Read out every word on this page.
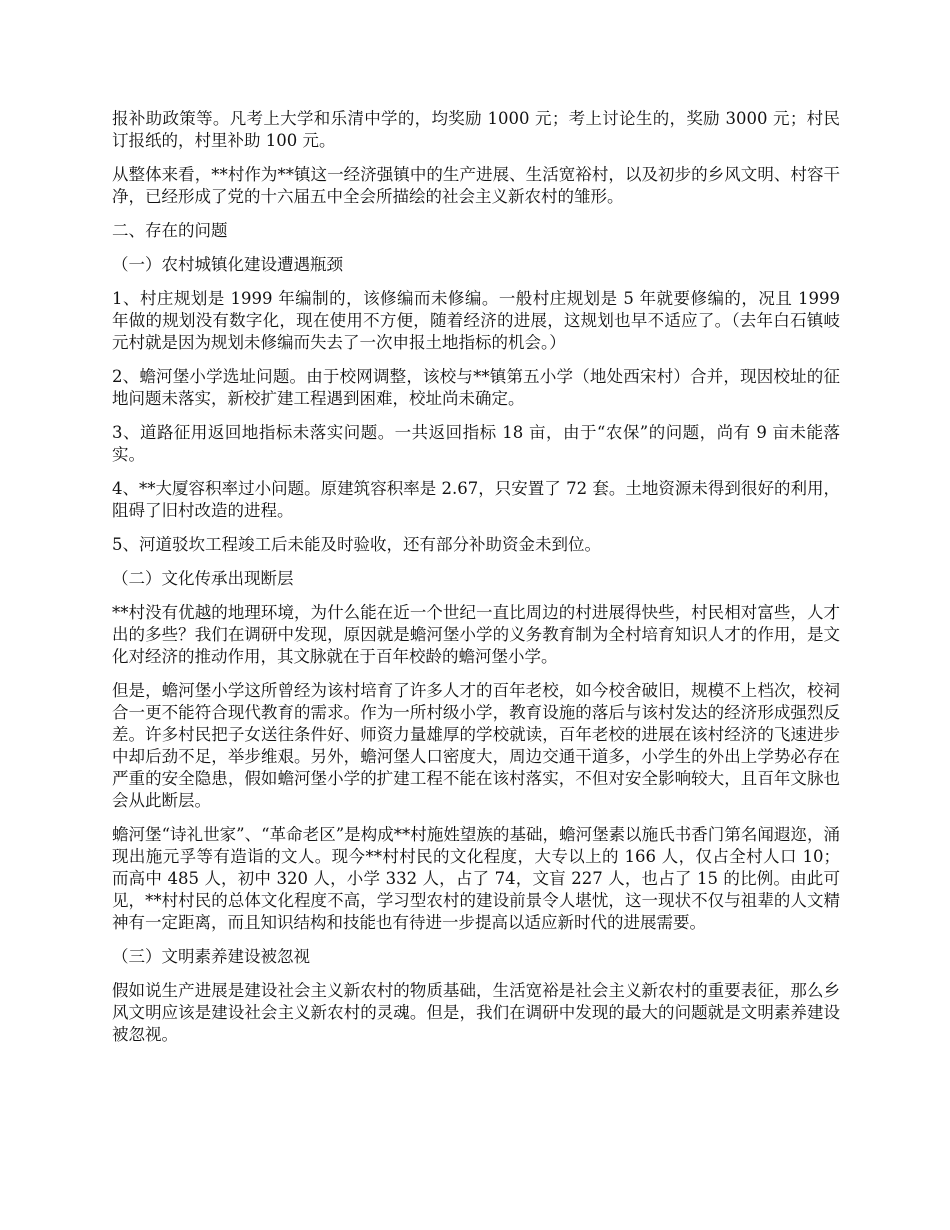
报补助政策等。凡考上大学和乐清中学的，均奖励 1000 元；考上讨论生的，奖励 3000 元；村民订报纸的，村里补助 100 元。

从整体来看，**村作为**镇这一经济强镇中的生产进展、生活宽裕村，以及初步的乡风文明、村容干净，已经形成了党的十六届五中全会所描绘的社会主义新农村的雏形。

二、存在的问题

（一）农村城镇化建设遭遇瓶颈

1、村庄规划是 1999 年编制的，该修编而未修编。一般村庄规划是 5 年就要修编的，况且 1999 年做的规划没有数字化，现在使用不方便，随着经济的进展，这规划也早不适应了。（去年白石镇岐元村就是因为规划未修编而失去了一次申报土地指标的机会。）

2、蟾河堡小学选址问题。由于校网调整，该校与**镇第五小学（地处西宋村）合并，现因校址的征地问题未落实，新校扩建工程遇到困难，校址尚未确定。

3、道路征用返回地指标未落实问题。一共返回指标 18 亩，由于“农保”的问题，尚有 9 亩未能落实。

4、**大厦容积率过小问题。原建筑容积率是 2.67，只安置了 72 套。土地资源未得到很好的利用，阻碍了旧村改造的进程。

5、河道驳坎工程竣工后未能及时验收，还有部分补助资金未到位。

（二）文化传承出现断层

**村没有优越的地理环境，为什么能在近一个世纪一直比周边的村进展得快些，村民相对富些，人才出的多些？我们在调研中发现，原因就是蟾河堡小学的义务教育制为全村培育知识人才的作用，是文化对经济的推动作用，其文脉就在于百年校龄的蟾河堡小学。

但是，蟾河堡小学这所曾经为该村培育了许多人才的百年老校，如今校舍破旧，规模不上档次，校祠合一更不能符合现代教育的需求。作为一所村级小学，教育设施的落后与该村发达的经济形成强烈反差。许多村民把子女送往条件好、师资力量雄厚的学校就读，百年老校的进展在该村经济的飞速进步中却后劲不足，举步维艰。另外，蟾河堡人口密度大，周边交通干道多，小学生的外出上学势必存在严重的安全隐患，假如蟾河堡小学的扩建工程不能在该村落实，不但对安全影响较大，且百年文脉也会从此断层。

蟾河堡“诗礼世家”、“革命老区”是构成**村施姓望族的基础，蟾河堡素以施氏书香门第名闻遐迩，涌现出施元孚等有造诣的文人。现今**村村民的文化程度，大专以上的 166 人，仅占全村人口 10；而高中 485 人，初中 320 人，小学 332 人，占了 74，文盲 227 人，也占了 15 的比例。由此可见，**村村民的总体文化程度不高，学习型农村的建设前景令人堪忧，这一现状不仅与祖辈的人文精神有一定距离，而且知识结构和技能也有待进一步提高以适应新时代的进展需要。

（三）文明素养建设被忽视

假如说生产进展是建设社会主义新农村的物质基础，生活宽裕是社会主义新农村的重要表征，那么乡风文明应该是建设社会主义新农村的灵魂。但是，我们在调研中发现的最大的问题就是文明素养建设被忽视。
